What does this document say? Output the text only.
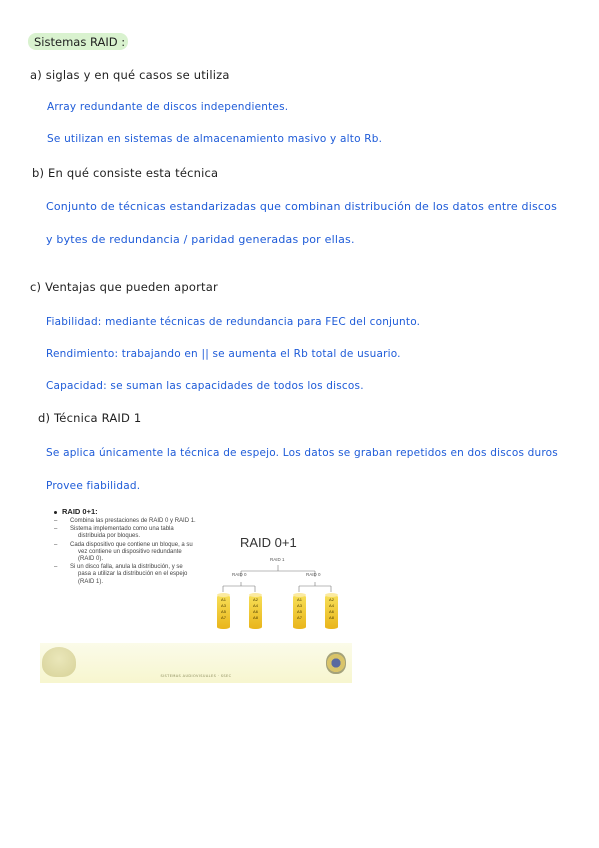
Sistemas RAID :
a) siglas y en qué casos se utiliza
Array redundante de discos independientes.
Se utilizan en sistemas de almacenamiento masivo y alto Rb.
b) En qué consiste esta técnica
Conjunto de técnicas estandarizadas que combinan distribución de los datos entre discos
y bytes de redundancia / paridad generadas por ellas.
c) Ventajas que pueden aportar
Fiabilidad: mediante técnicas de redundancia para FEC del conjunto.
Rendimiento: trabajando en || se aumenta el Rb total de usuario.
Capacidad: se suman las capacidades de todos los discos.
d) Técnica RAID 1
Se aplica únicamente la técnica de espejo. Los datos se graban repetidos en dos discos duros
Provee fiabilidad.
SISTEMAS AUDIOVISUALES · SSEC
RAID 0+1:
– Combina las prestaciones de RAID 0 y RAID 1.
– Sistema implementado como una tabla distribuida por bloques.
– Cada dispositivo que contiene un bloque, a su vez contiene un dispositivo redundante (RAID 0).
– Si un disco falla, anula la distribución, y se pasa a utilizar la distribución en el espejo (RAID 1).
RAID 0+1
RAID 1
RAID 0	RAID 0
A1
A3
A5
A7
A2
A4
A6
A8
A1
A3
A5
A7
A2
A4
A6
A8
